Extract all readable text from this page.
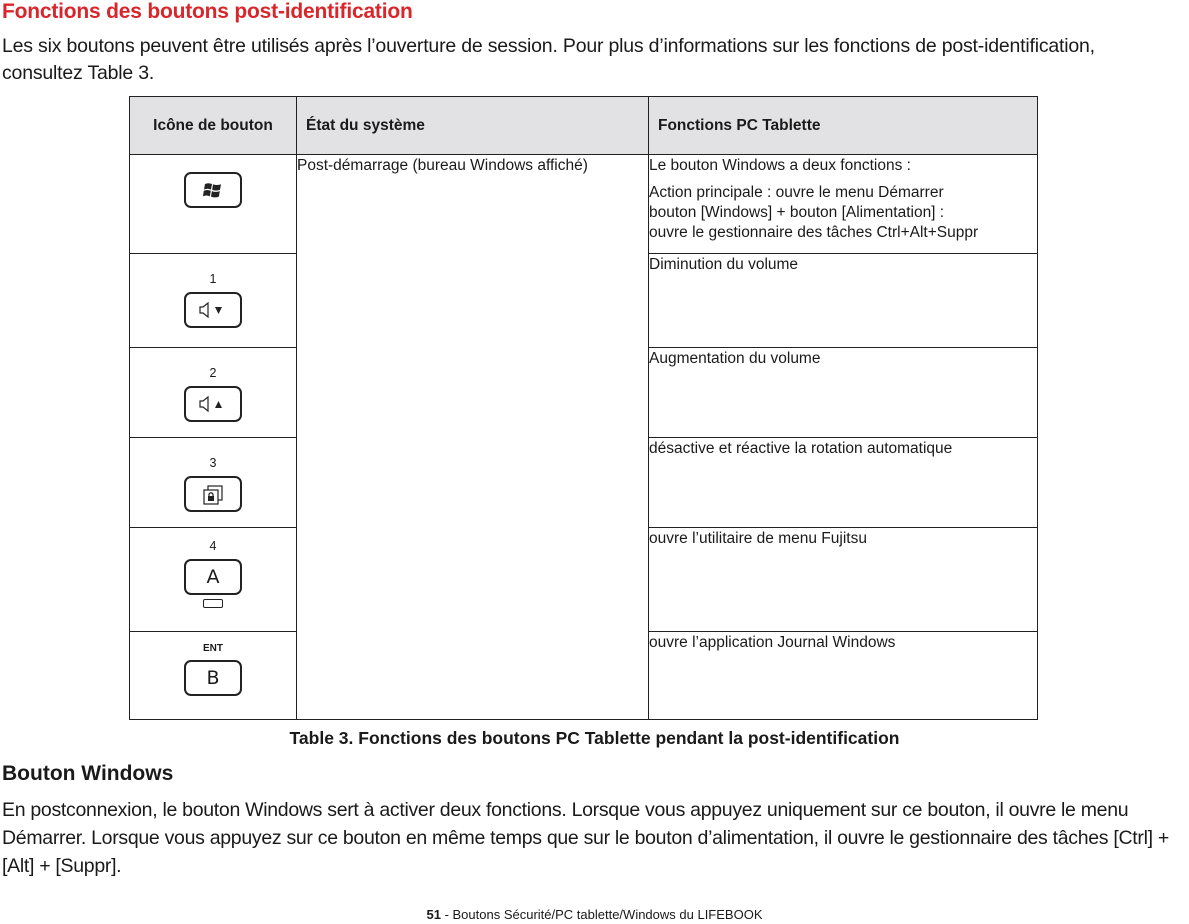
Fonctions des boutons post-identification

Les six boutons peuvent être utilisés après l’ouverture de session. Pour plus d’informations sur les fonctions de post-identification, consultez Table 3.

Icône de bouton	État du système	Fonctions PC Tablette
	Post-démarrage (bureau Windows affiché)	Le bouton Windows a deux fonctions :

Action principale : ouvre le menu Démarrer

bouton [Windows] + bouton [Alimentation] :

ouvre le gestionnaire des tâches Ctrl+Alt+Suppr

1		Diminution du volume

2		Augmentation du volume

3		désactive et réactive la rotation automatique

4
A		ouvre l’utilitaire de menu Fujitsu

ENT
B		ouvre l’application Journal Windows

Table 3. Fonctions des boutons PC Tablette pendant la post-identification

Bouton Windows

En postconnexion, le bouton Windows sert à activer deux fonctions. Lorsque vous appuyez uniquement sur ce bouton, il ouvre le menu Démarrer. Lorsque vous appuyez sur ce bouton en même temps que sur le bouton d’alimentation, il ouvre le gestionnaire des tâches [Ctrl] + [Alt] + [Suppr].

51 - Boutons Sécurité/PC tablette/Windows du LIFEBOOK
